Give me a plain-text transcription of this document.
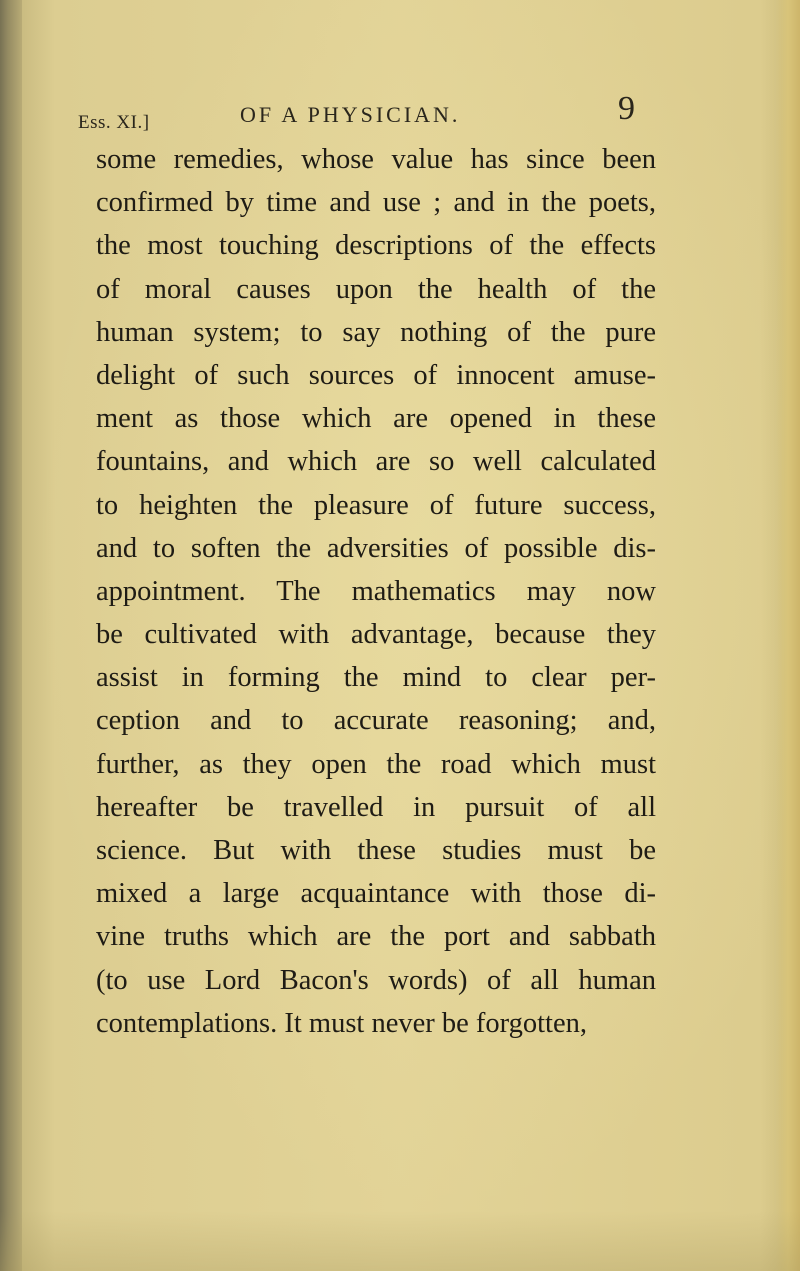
Ess. XI.]	OF A PHYSICIAN.	9
some remedies, whose value has since been
confirmed by time and use ; and in the poets,
the most touching descriptions of the effects
of moral causes upon the health of the
human system; to say nothing of the pure
delight of such sources of innocent amuse-
ment as those which are opened in these
fountains, and which are so well calculated
to heighten the pleasure of future success,
and to soften the adversities of possible dis-
appointment. The mathematics may now
be cultivated with advantage, because they
assist in forming the mind to clear per-
ception and to accurate reasoning; and,
further, as they open the road which must
hereafter be travelled in pursuit of all
science. But with these studies must be
mixed a large acquaintance with those di-
vine truths which are the port and sabbath
(to use Lord Bacon's words) of all human
contemplations. It must never be forgotten,
